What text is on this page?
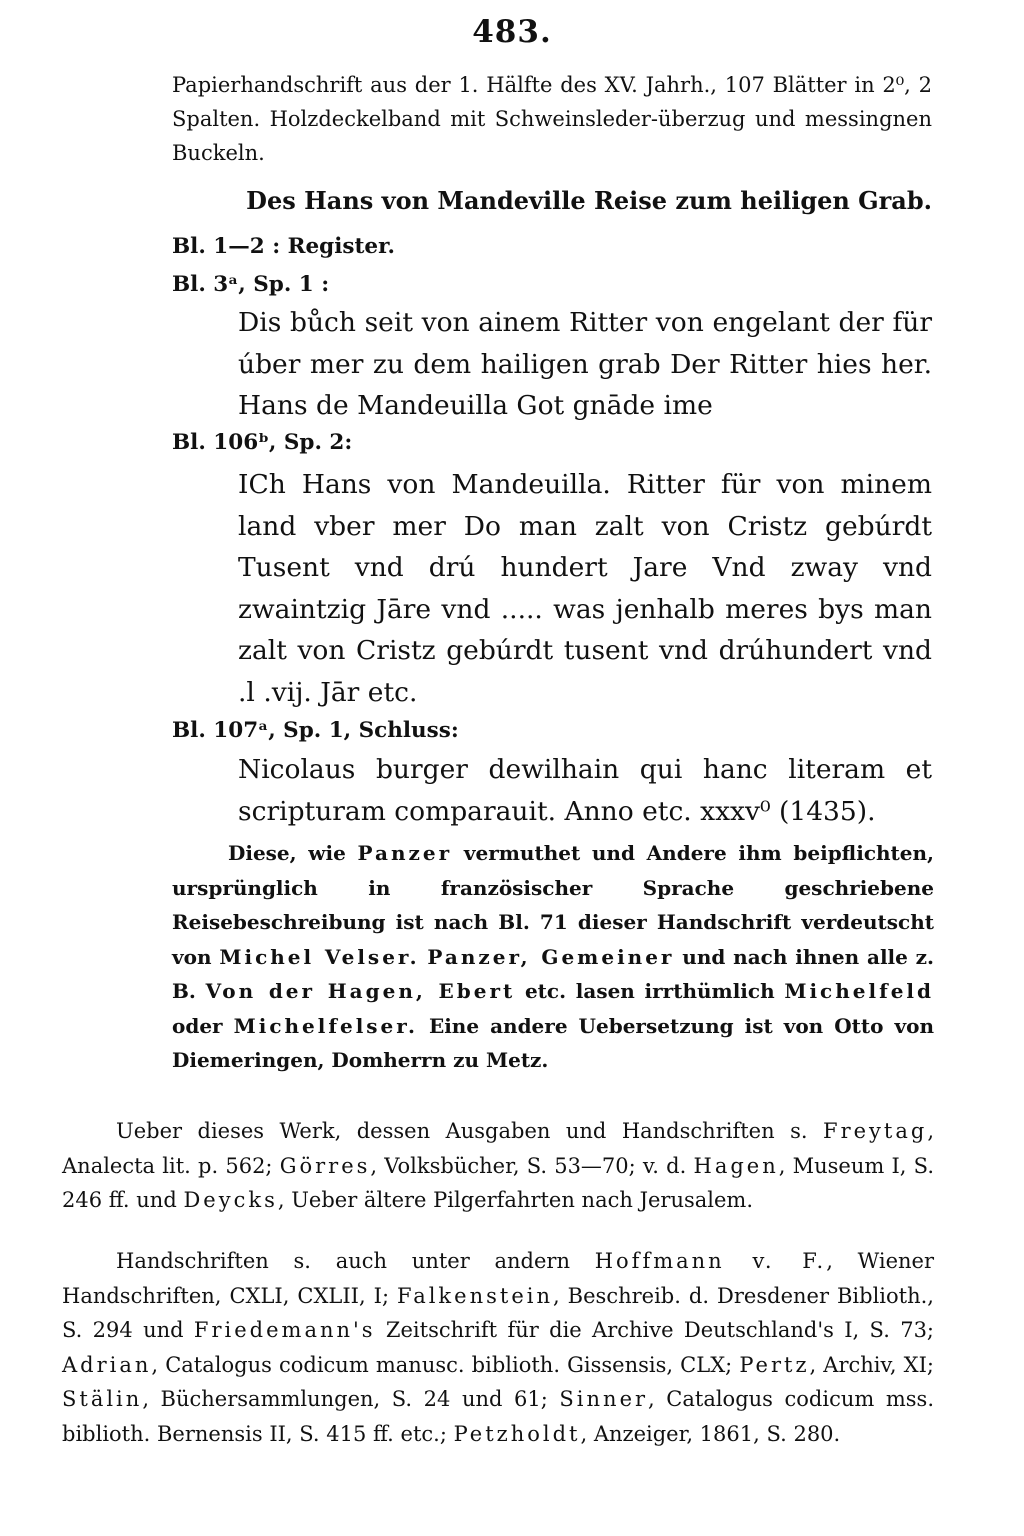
483.
Papierhandschrift aus der 1. Hälfte des XV. Jahrh., 107 Blätter in 2⁰, 2 Spalten. Holzdeckelband mit Schweinsleder-überzug und messingnen Buckeln.
Des Hans von Mandeville Reise zum heiligen Grab.
Bl. 1—2 : Register.
Bl. 3ᵃ, Sp. 1 :
Dis bůch seit von ainem Ritter von engelant der für úber mer zu dem hailigen grab Der Ritter hies her. Hans de Mandeuilla Got gnāde ime
Bl. 106ᵇ, Sp. 2:
ICh Hans von Mandeuilla. Ritter für von minem land vber mer Do man zalt von Cristz gebúrdt Tusent vnd drú hundert Jare Vnd zway vnd zwaintzig Jāre vnd ..... was jenhalb meres bys man zalt von Cristz gebúrdt tusent vnd drúhundert vnd .l .vij. Jār etc.
Bl. 107ᵃ, Sp. 1, Schluss:
Nicolaus burger dewilhain qui hanc literam et scripturam comparauit. Anno etc. xxxv⁰ (1435).
Diese, wie Panzer vermuthet und Andere ihm beipflichten, ursprünglich in französischer Sprache geschriebene Reisebeschreibung ist nach Bl. 71 dieser Handschrift verdeutscht von Michel Velser. Panzer, Gemeiner und nach ihnen alle z. B. Von der Hagen, Ebert etc. lasen irrthümlich Michelfeld oder Michelfelser. Eine andere Uebersetzung ist von Otto von Diemeringen, Domherrn zu Metz.
Ueber dieses Werk, dessen Ausgaben und Handschriften s. Freytag, Analecta lit. p. 562; Görres, Volksbücher, S. 53—70; v. d. Hagen, Museum I, S. 246 ff. und Deycks, Ueber ältere Pilgerfahrten nach Jerusalem.
Handschriften s. auch unter andern Hoffmann v. F., Wiener Handschriften, CXLI, CXLII, I; Falkenstein, Beschreib. d. Dresdener Biblioth., S. 294 und Friedemann's Zeitschrift für die Archive Deutschland's I, S. 73; Adrian, Catalogus codicum manusc. biblioth. Gissensis, CLX; Pertz, Archiv, XI; Stälin, Büchersammlungen, S. 24 und 61; Sinner, Catalogus codicum mss. biblioth. Bernensis II, S. 415 ff. etc.; Petzholdt, Anzeiger, 1861, S. 280.
